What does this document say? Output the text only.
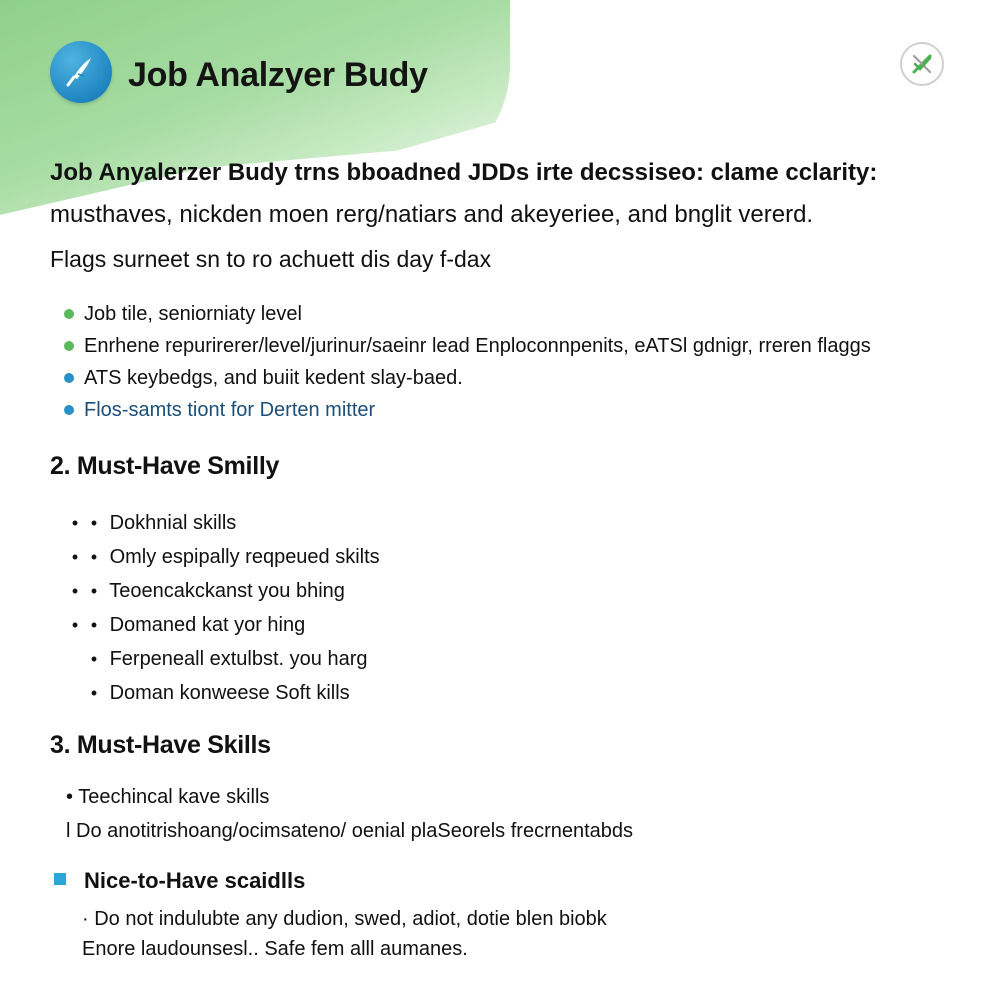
Job Analzyer Budy
Job Anyalerzer Budy trns bboadned JDDs irte decssiseo: clame cclarity:
musthaves, nickden moen rerg/natiars and akeyeriee, and bnglit vererd.
Flags surneet sn to ro achuett dis day f-dax
Job tile, seniorniaty level
Enrhene repurirerer/level/jurinur/saeinr lead Enploconnpenits, eATSl gdnigr, rreren flaggs
ATS keybedgs, and buiit kedent slay-baed.
Flos-samts tiont for Derten mitter
2. Must-Have Smilly
• • Dokhnial skills
• • Omly espipally reqpeued skilts
• • Teoencakckanst you bhing
• • Domaned kat yor hing
• Ferpeneall extulbst. you harg
• Doman konweese Soft kills
3. Must-Have Skills
• Teechincal kave skills
l Do anotitrishoang/ocimsateno/ oenial plaSeorels frecrnentabds
Nice-to-Have scaidlls
· Do not indulubte any dudion, swed, adiot, dotie blen biobk
Enore laudounsesl.. Safe fem alll aumanes.
